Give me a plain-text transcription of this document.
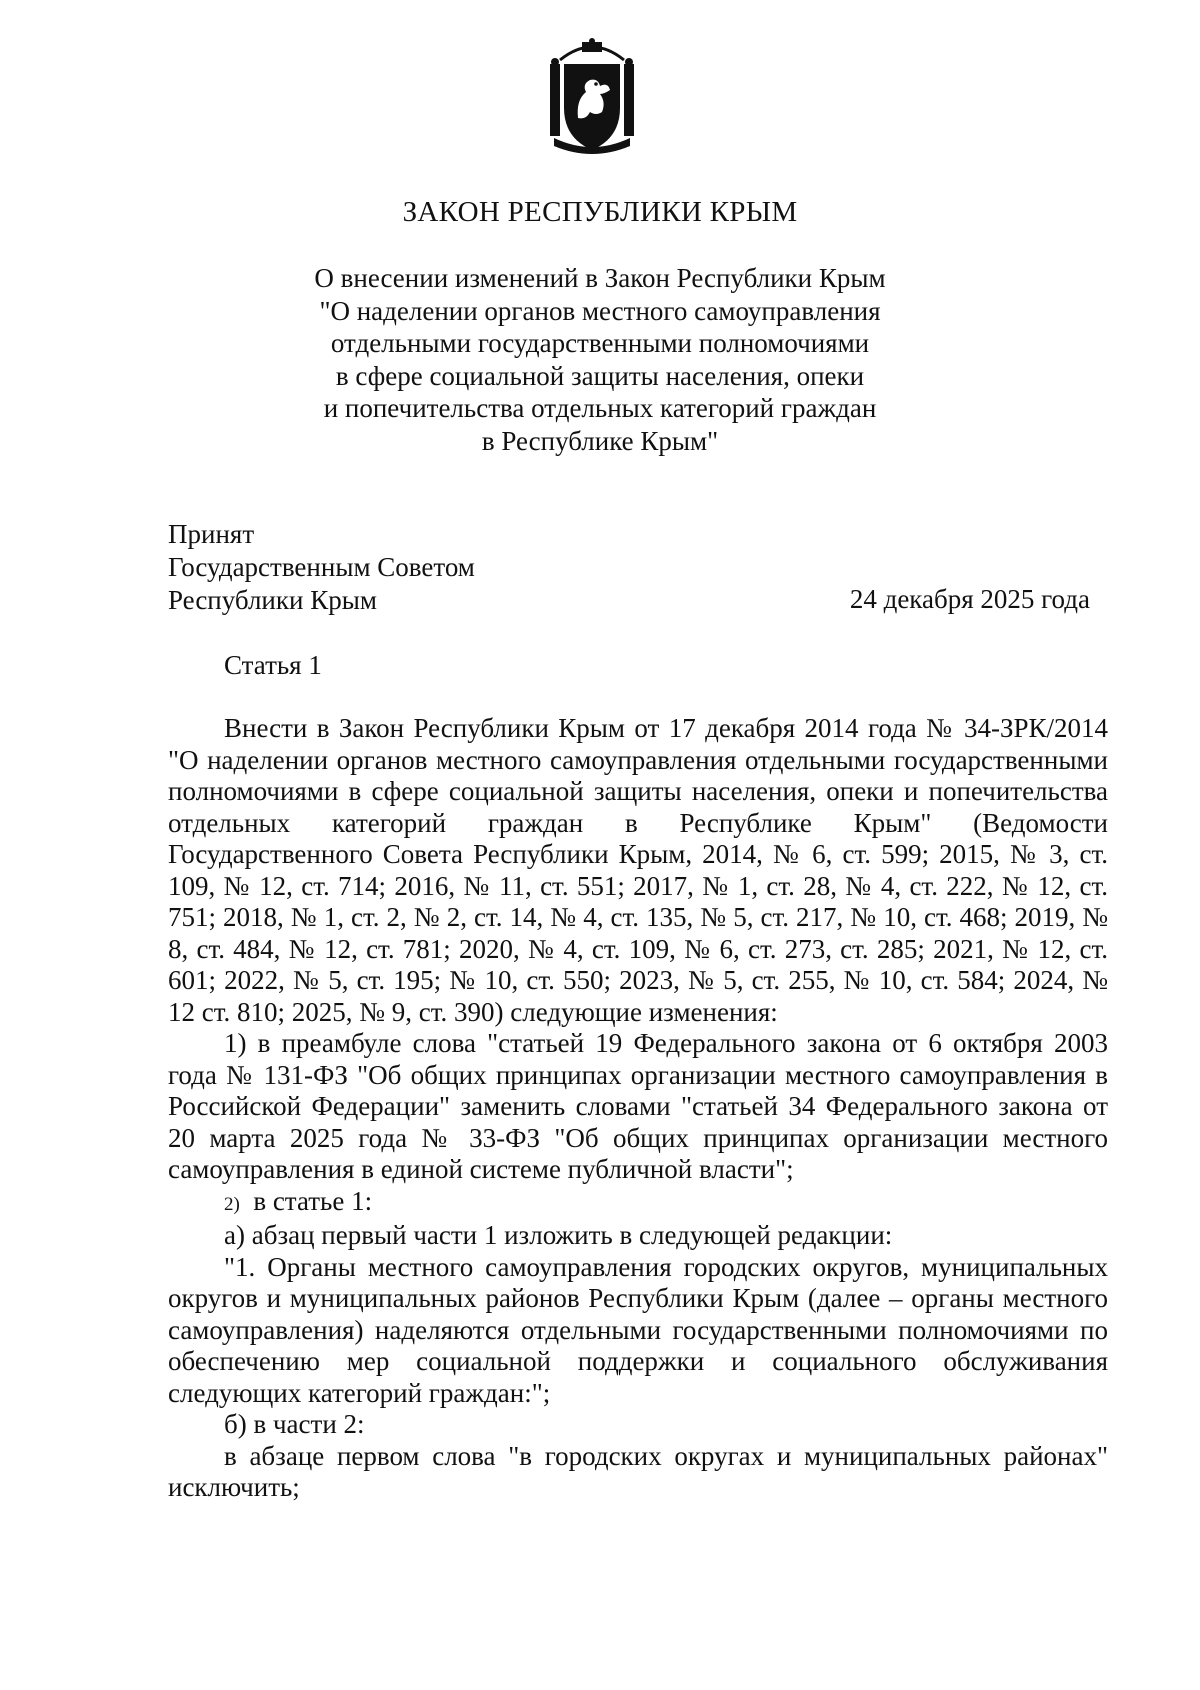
ЗАКОН РЕСПУБЛИКИ КРЫМ
О внесении изменений в Закон Республики Крым
"О наделении органов местного самоуправления
отдельными государственными полномочиями
в сфере социальной защиты населения, опеки
и попечительства отдельных категорий граждан
в Республике Крым"
Принят
Государственным Советом
Республики Крым	24 декабря 2025 года
Статья 1

Внести в Закон Республики Крым от 17 декабря 2014 года № 34-ЗРК/2014 "О наделении органов местного самоуправления отдельными государственными полномочиями в сфере социальной защиты населения, опеки и попечительства отдельных категорий граждан в Республике Крым" (Ведомости Государственного Совета Республики Крым, 2014, № 6, ст. 599; 2015, № 3, ст. 109, № 12, ст. 714; 2016, № 11, ст. 551; 2017, № 1, ст. 28, № 4, ст. 222, № 12, ст. 751; 2018, № 1, ст. 2, № 2, ст. 14, № 4, ст. 135, № 5, ст. 217, № 10, ст. 468; 2019, № 8, ст. 484, № 12, ст. 781; 2020, № 4, ст. 109, № 6, ст. 273, ст. 285; 2021, № 12, ст. 601; 2022, № 5, ст. 195; № 10, ст. 550; 2023, № 5, ст. 255, № 10, ст. 584; 2024, № 12 ст. 810; 2025, № 9, ст. 390) следующие изменения:

1) в преамбуле слова "статьей 19 Федерального закона от 6 октября 2003 года № 131-ФЗ "Об общих принципах организации местного самоуправления в Российской Федерации" заменить словами "статьей 34 Федерального закона от 20 марта 2025 года № 33-ФЗ "Об общих принципах организации местного самоуправления в единой системе публичной власти";

2) в статье 1:

а) абзац первый части 1 изложить в следующей редакции:

"1. Органы местного самоуправления городских округов, муниципальных округов и муниципальных районов Республики Крым (далее – органы местного самоуправления) наделяются отдельными государственными полномочиями по обеспечению мер социальной поддержки и социального обслуживания следующих категорий граждан:";

б) в части 2:

в абзаце первом слова "в городских округах и муниципальных районах" исключить;
